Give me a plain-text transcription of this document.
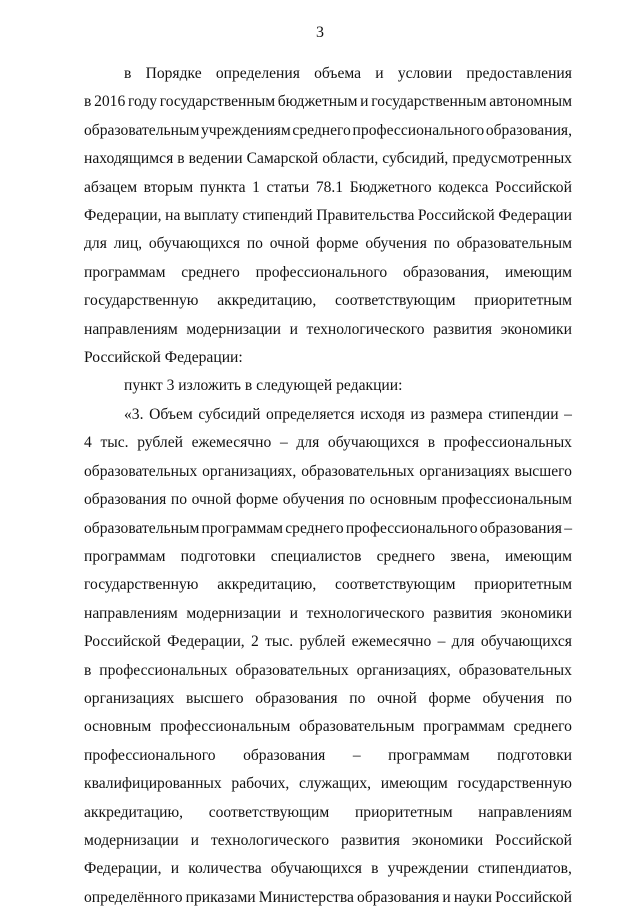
3
в Порядке определения объема и условии предоставления
в 2016 году государственным бюджетным и государственным автономным
образовательным учреждениям среднего профессионального образования,
находящимся в ведении Самарской области, субсидий, предусмотренных
абзацем вторым пункта 1 статьи 78.1 Бюджетного кодекса Российской
Федерации, на выплату стипендий Правительства Российской Федерации
для лиц, обучающихся по очной форме обучения по образовательным
программам среднего профессионального образования, имеющим
государственную аккредитацию, соответствующим приоритетным
направлениям модернизации и технологического развития экономики
Российской Федерации:
пункт 3 изложить в следующей редакции:
«3. Объем субсидий определяется исходя из размера стипендии –
4 тыс. рублей ежемесячно – для обучающихся в профессиональных
образовательных организациях, образовательных организациях высшего
образования по очной форме обучения по основным профессиональным
образовательным программам среднего профессионального образования –
программам подготовки специалистов среднего звена, имеющим
государственную аккредитацию, соответствующим приоритетным
направлениям модернизации и технологического развития экономики
Российской Федерации, 2 тыс. рублей ежемесячно – для обучающихся
в профессиональных образовательных организациях, образовательных
организациях высшего образования по очной форме обучения по
основным профессиональным образовательным программам среднего
профессионального образования – программам подготовки
квалифицированных рабочих, служащих, имеющим государственную
аккредитацию, соответствующим приоритетным направлениям
модернизации и технологического развития экономики Российской
Федерации, и количества обучающихся в учреждении стипендиатов,
определённого приказами Министерства образования и науки Российской
